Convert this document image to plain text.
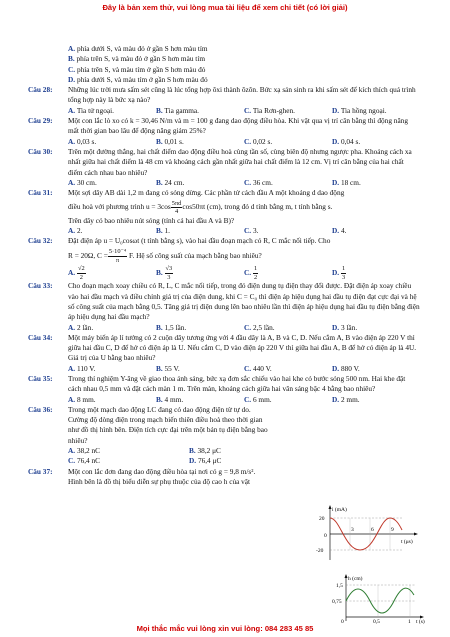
Đây là bản xem thử, vui lòng mua tài liệu để xem chi tiết (có lời giải)
A. phía dưới S, và màu đỏ ở gần S hơn màu tím
B. phía trên S, và màu đỏ ở gần S hơn màu tím
C. phía trên S, và màu tím ở gần S hơn màu đỏ
D. phía dưới S, và màu tím ở gần S hơn màu đỏ
Câu 28: Những lúc trời mưa sấm sét cũng là lúc tổng hợp ôxi thành ôzôn. Bức xạ sản sinh ra khi sấm sét để kích thích quá trình tổng hợp này là bức xạ nào?
A. Tia tử ngoại.	B. Tia gamma.	C. Tia Rơn-ghen.	D. Tia hồng ngoại.
Câu 29: Một con lắc lò xo có k = 30,46 N/m và m = 100 g đang dao động điều hòa. Khi vật qua vị trí cân bằng thì động năng mất thời gian bao lâu để động năng giảm 25%?
A. 0,03 s.	B. 0,01 s.	C. 0,02 s.	D. 0,04 s.
Câu 30: Trên một đường thẳng, hai chất điểm dao động điều hoà cùng tần số, cùng biên độ nhưng ngược pha. Khoảng cách xa nhất giữa hai chất điểm là 48 cm và khoảng cách gần nhất giữa hai chất điểm là 12 cm. Vị trí cân bằng của hai chất điểm cách nhau bao nhiêu?
A. 30 cm.	B. 24 cm.	C. 36 cm.	D. 18 cm.
Câu 31: Một sợi dây AB dài 1,2 m đang có sóng dừng. Các phần tử cách đầu A một khoảng d dao động
điều hoà với phương trình $u = 3\cos \frac{5\pi d}{4} \cos 50\pi t$ (cm), trong đó d tính bằng m, t tính bằng s.
Trên dây có bao nhiêu nút sóng (tính cả hai đầu A và B)?
A. 2.	B. 1.	C. 3.	D. 4.
Câu 32: Đặt điện áp u = U₀cosωt (t tính bằng s), vào hai đầu đoạn mạch có R, C mắc nối tiếp. Cho
R = 20Ω, $C = \frac{\text{5·10⁻⁴}}{\pi} F$. Hệ số công suất của mạch bằng bao nhiêu?
A. $\frac{√2}{2}$	B. $\frac{√3}{3}$	C. $\frac{1}{2}$	D. $\frac{1}{3}$
Câu 33: Cho đoạn mạch xoay chiều có R, L, C mắc nối tiếp, trong đó điện dung tụ điện thay đổi được. Đặt điện áp xoay chiều vào hai đầu mạch và điều chỉnh giá trị của điện dung, khi C = C₀ thì điện áp hiệu dụng hai đầu tụ điện đạt cực đại và hệ số công suất của mạch bằng 0,5. Tăng giá trị điện dung lên bao nhiêu lần thì điện áp hiệu dụng hai đầu tụ điện bằng điện áp hiệu dụng hai đầu mạch?
A. 2 lần.	B. 1,5 lần.	C. 2,5 lần.	D. 3 lần.
Câu 34: Một máy biến áp lí tưởng có 2 cuộn dây tương ứng với 4 đầu dây là A, B và C, D. Nếu cắm A, B vào điện áp 220 V thì giữa hai đầu C, D để hở có điện áp là U. Nếu cắm C, D vào điện áp 220 V thì giữa hai đầu A, B để hở có điện áp là 4U. Giá trị của U bằng bao nhiêu?
A. 110 V.	B. 55 V.	C. 440 V.	D. 880 V.
Câu 35: Trong thí nghiệm Y-âng về giao thoa ánh sáng, bức xạ đơn sắc chiếu vào hai khe có bước sóng 500 nm. Hai khe đặt cách nhau 0,5 mm và đặt cách màn 1 m. Trên màn, khoảng cách giữa hai vân sáng bậc 4 bằng bao nhiêu?
A. 8 mm.	B. 4 mm.	C. 6 mm.	D. 2 mm.
Câu 36: Trong một mạch dao động LC đang có dao động điện từ tự do.
Cường độ dòng điện trong mạch biến thiên điều hoà theo thời gian
như đồ thị hình bên. Điện tích cực đại trên một bản tụ điện bằng bao
nhiêu?
A. 38,2 nC	B. 38,2 μC
C. 76,4 nC	D. 76,4 μC
Câu 37: Một con lắc đơn đang dao động điều hòa tại nơi có g = 9,8 m/s².
Hình bên là đồ thị biểu diễn sự phụ thuộc của độ cao h của vật
i (mA)
t (μs)
20
0
-20
3	6	9
h (cm)
t (s)
1,5
0,75
0	0,5	1
Mọi thắc mắc vui lòng xin vui lòng: 084 283 45 85
